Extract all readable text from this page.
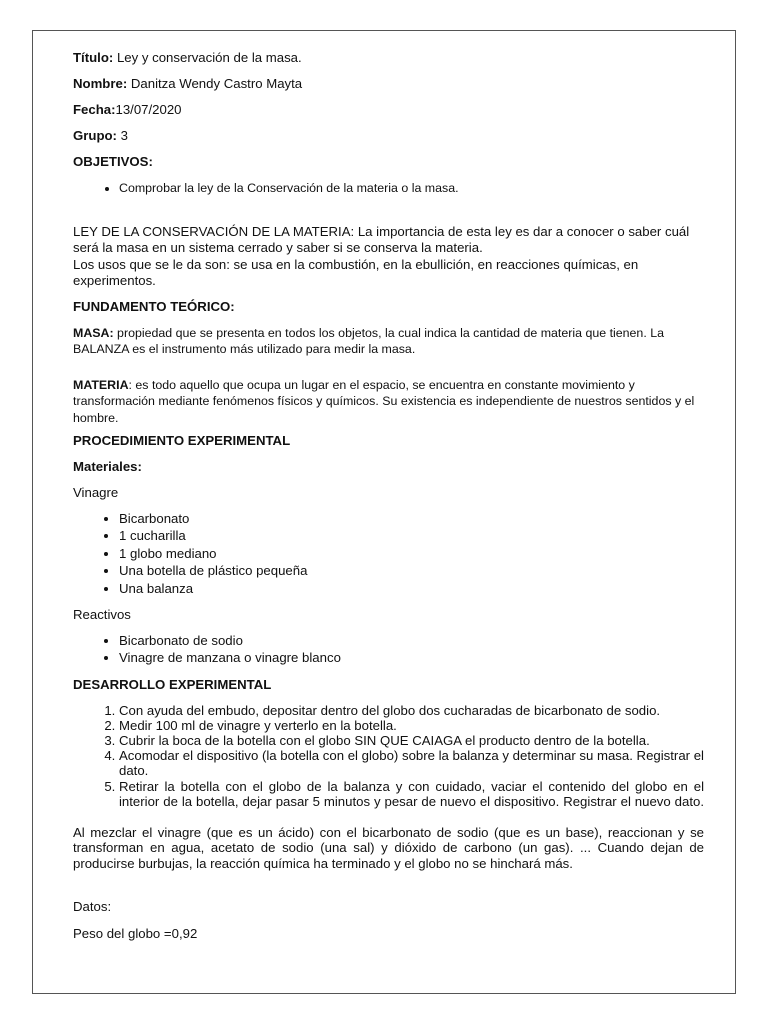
Título: Ley y conservación de la masa.
Nombre: Danitza Wendy Castro Mayta
Fecha:13/07/2020
Grupo: 3
OBJETIVOS:
• Comprobar la ley de la Conservación de la materia o la masa.
LEY DE LA CONSERVACIÓN DE LA MATERIA: La importancia de esta ley es dar a conocer o saber cuál será la masa en un sistema cerrado y saber si se conserva la materia.
Los usos que se le da son: se usa en la combustión, en la ebullición, en reacciones químicas, en experimentos.
FUNDAMENTO TEÓRICO:
MASA: propiedad que se presenta en todos los objetos, la cual indica la cantidad de materia que tienen. La BALANZA es el instrumento más utilizado para medir la masa.
MATERIA: es todo aquello que ocupa un lugar en el espacio, se encuentra en constante movimiento y transformación mediante fenómenos físicos y químicos. Su existencia es independiente de nuestros sentidos y el hombre.
PROCEDIMIENTO EXPERIMENTAL
Materiales:
Vinagre
• Bicarbonato
• 1 cucharilla
• 1 globo mediano
• Una botella de plástico pequeña
• Una balanza
Reactivos
• Bicarbonato de sodio
• Vinagre de manzana o vinagre blanco
DESARROLLO EXPERIMENTAL
1. Con ayuda del embudo, depositar dentro del globo dos cucharadas de bicarbonato de sodio.
2. Medir 100 ml de vinagre y verterlo en la botella.
3. Cubrir la boca de la botella con el globo SIN QUE CAIAGA el producto dentro de la botella.
4. Acomodar el dispositivo (la botella con el globo) sobre la balanza y determinar su masa. Registrar el dato.
5. Retirar la botella con el globo de la balanza y con cuidado, vaciar el contenido del globo en el interior de la botella, dejar pasar 5 minutos y pesar de nuevo el dispositivo. Registrar el nuevo dato.
Al mezclar el vinagre (que es un ácido) con el bicarbonato de sodio (que es un base), reaccionan y se transforman en agua, acetato de sodio (una sal) y dióxido de carbono (un gas). ... Cuando dejan de producirse burbujas, la reacción química ha terminado y el globo no se hinchará más.
Datos:
Peso del globo =0,92
